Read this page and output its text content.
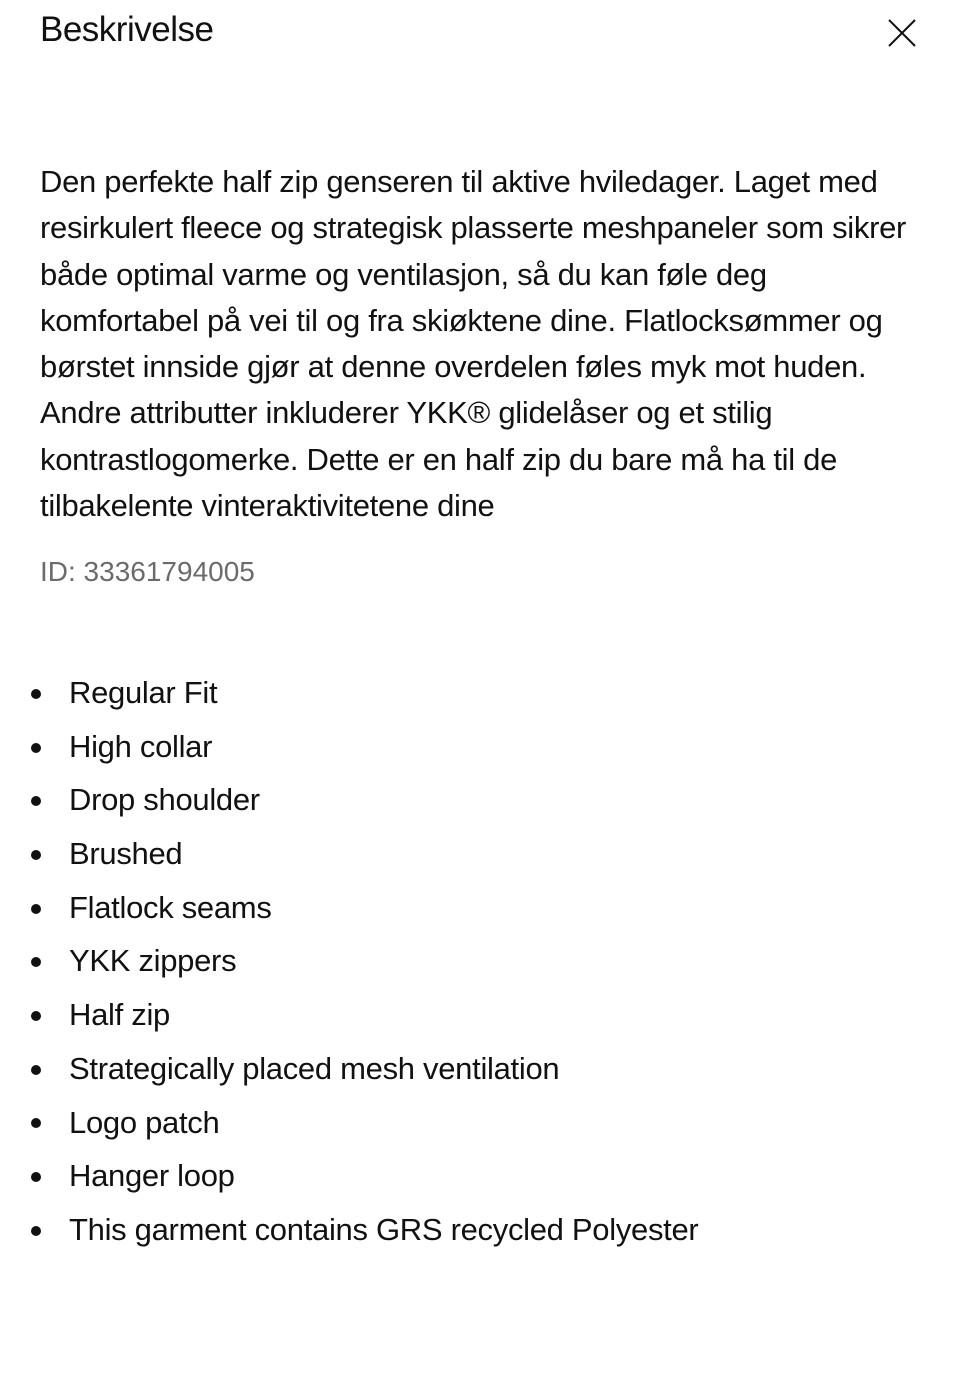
Beskrivelse

Den perfekte half zip genseren til aktive hviledager. Laget med resirkulert fleece og strategisk plasserte meshpaneler som sikrer både optimal varme og ventilasjon, så du kan føle deg komfortabel på vei til og fra skiøktene dine. Flatlocksømmer og børstet innside gjør at denne overdelen føles myk mot huden. Andre attributter inkluderer YKK® glidelåser og et stilig kontrastlogomerke. Dette er en half zip du bare må ha til de tilbakelente vinteraktivitetene dine

ID: 33361794005

Regular Fit
High collar
Drop shoulder
Brushed
Flatlock seams
YKK zippers
Half zip
Strategically placed mesh ventilation
Logo patch
Hanger loop
This garment contains GRS recycled Polyester
